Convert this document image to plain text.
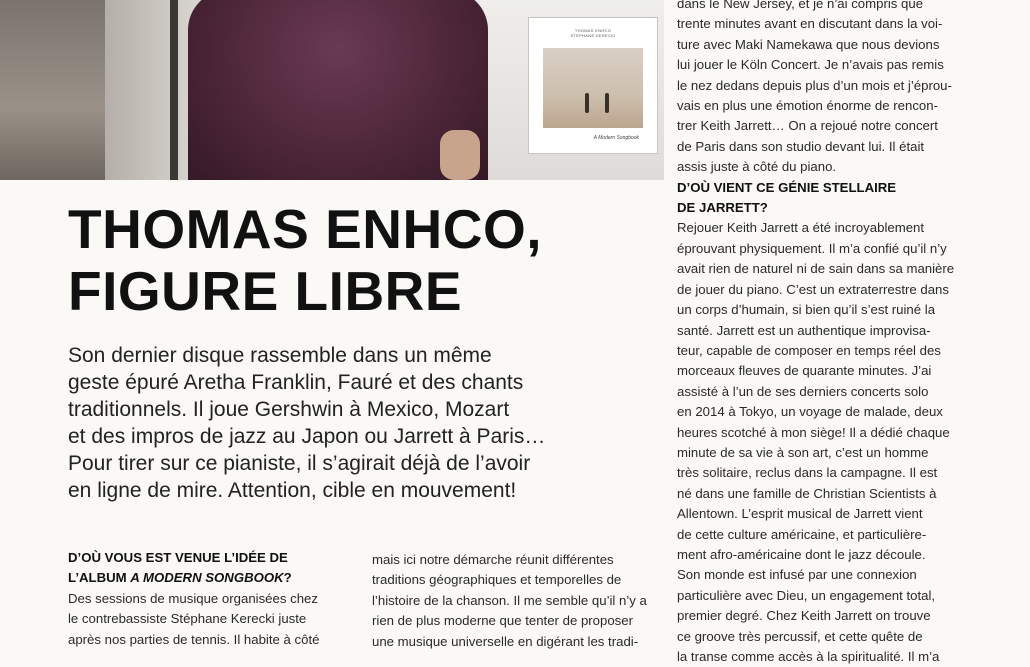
THOMAS ENHCO
STÉPHANE KERECKI
A Modern Songbook
THOMAS ENHCO,
FIGURE LIBRE
Son dernier disque rassemble dans un même
geste épuré Aretha Franklin, Fauré et des chants
traditionnels. Il joue Gershwin à Mexico, Mozart
et des impros de jazz au Japon ou Jarrett à Paris…
Pour tirer sur ce pianiste, il s’agirait déjà de l’avoir
en ligne de mire. Attention, cible en mouvement!
D’OÙ VOUS EST VENUE L’IDÉE DE
L’ALBUM A MODERN SONGBOOK?
Des sessions de musique organisées chez
le contrebassiste Stéphane Kerecki juste
après nos parties de tennis. Il habite à côté
mais ici notre démarche réunit différentes
traditions géographiques et temporelles de
l’histoire de la chanson. Il me semble qu’il n’y a
rien de plus moderne que tenter de proposer
une musique universelle en digérant les tradi-
dans le New Jersey, et je n’ai compris que
trente minutes avant en discutant dans la voi-
ture avec Maki Namekawa que nous devions
lui jouer le Köln Concert. Je n’avais pas remis
le nez dedans depuis plus d’un mois et j’éprou-
vais en plus une émotion énorme de rencon-
trer Keith Jarrett… On a rejoué notre concert
de Paris dans son studio devant lui. Il était
assis juste à côté du piano.
D’OÙ VIENT CE GÉNIE STELLAIRE
DE JARRETT?
Rejouer Keith Jarrett a été incroyablement
éprouvant physiquement. Il m’a confié qu’il n’y
avait rien de naturel ni de sain dans sa manière
de jouer du piano. C’est un extraterrestre dans
un corps d’humain, si bien qu’il s’est ruiné la
santé. Jarrett est un authentique improvisa-
teur, capable de composer en temps réel des
morceaux fleuves de quarante minutes. J’ai
assisté à l’un de ses derniers concerts solo
en 2014 à Tokyo, un voyage de malade, deux
heures scotché à mon siège! Il a dédié chaque
minute de sa vie à son art, c’est un homme
très solitaire, reclus dans la campagne. Il est
né dans une famille de Christian Scientists à
Allentown. L’esprit musical de Jarrett vient
de cette culture américaine, et particulière-
ment afro-américaine dont le jazz découle.
Son monde est infusé par une connexion
particulière avec Dieu, un engagement total,
premier degré. Chez Keith Jarrett on trouve
ce groove très percussif, et cette quête de
la transe comme accès à la spiritualité. Il m’a
